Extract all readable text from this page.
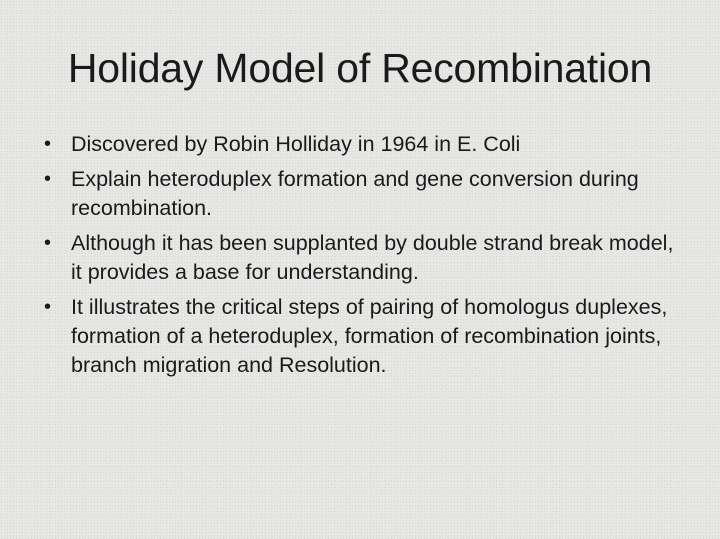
Holiday Model of Recombination
• Discovered by Robin Holliday in 1964 in E. Coli
• Explain heteroduplex formation and gene conversion during recombination.
• Although it has been supplanted by double strand break model, it provides a base for understanding.
• It illustrates the critical steps of pairing of homologus duplexes, formation of a heteroduplex, formation of recombination joints, branch migration and Resolution.
